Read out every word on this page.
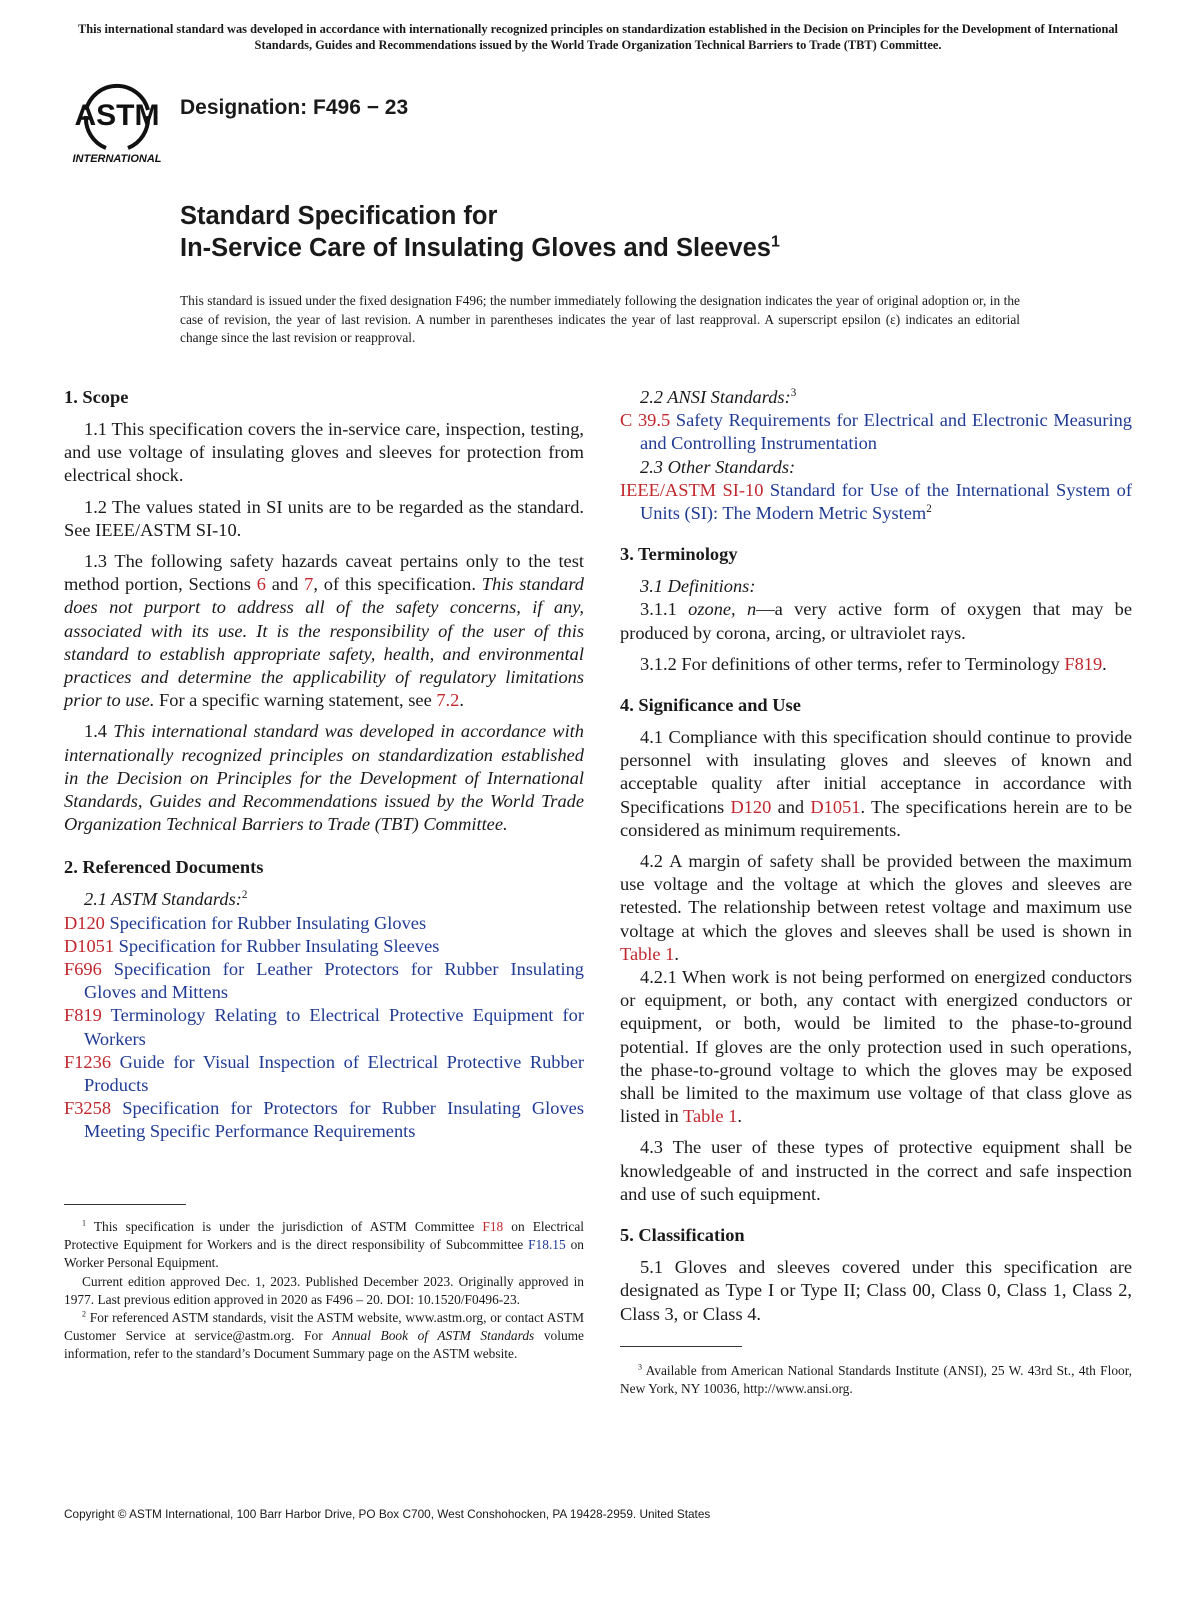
This international standard was developed in accordance with internationally recognized principles on standardization established in the Decision on Principles for the Development of International Standards, Guides and Recommendations issued by the World Trade Organization Technical Barriers to Trade (TBT) Committee.
ASTM
INTERNATIONAL
Designation: F496 − 23
Standard Specification for
In-Service Care of Insulating Gloves and Sleeves$^1$
This standard is issued under the fixed designation F496; the number immediately following the designation indicates the year of original adoption or, in the case of revision, the year of last revision. A number in parentheses indicates the year of last reapproval. A superscript epsilon (ε) indicates an editorial change since the last revision or reapproval.
1. Scope

1.1 This specification covers the in-service care, inspection, testing, and use voltage of insulating gloves and sleeves for protection from electrical shock.

1.2 The values stated in SI units are to be regarded as the standard. See IEEE/ASTM SI-10.

1.3 The following safety hazards caveat pertains only to the test method portion, Sections 6 and 7, of this specification. This standard does not purport to address all of the safety concerns, if any, associated with its use. It is the responsibility of the user of this standard to establish appropriate safety, health, and environmental practices and determine the applicability of regulatory limitations prior to use. For a specific warning statement, see 7.2.

1.4 This international standard was developed in accordance with internationally recognized principles on standardization established in the Decision on Principles for the Development of International Standards, Guides and Recommendations issued by the World Trade Organization Technical Barriers to Trade (TBT) Committee.

2. Referenced Documents
2.1 ASTM Standards:$^2$
D120 Specification for Rubber Insulating Gloves
D1051 Specification for Rubber Insulating Sleeves
F696 Specification for Leather Protectors for Rubber Insulating Gloves and Mittens
F819 Terminology Relating to Electrical Protective Equipment for Workers
F1236 Guide for Visual Inspection of Electrical Protective Rubber Products
F3258 Specification for Protectors for Rubber Insulating Gloves Meeting Specific Performance Requirements
2.2 ANSI Standards:$^3$
C 39.5 Safety Requirements for Electrical and Electronic Measuring and Controlling Instrumentation
2.3 Other Standards:
IEEE/ASTM SI-10 Standard for Use of the International System of Units (SI): The Modern Metric System$^2$
3. Terminology

3.1 Definitions:

3.1.1 ozone, n—a very active form of oxygen that may be produced by corona, arcing, or ultraviolet rays.

3.1.2 For definitions of other terms, refer to Terminology F819.

4. Significance and Use

4.1 Compliance with this specification should continue to provide personnel with insulating gloves and sleeves of known and acceptable quality after initial acceptance in accordance with Specifications D120 and D1051. The specifications herein are to be considered as minimum requirements.

4.2 A margin of safety shall be provided between the maximum use voltage and the voltage at which the gloves and sleeves are retested. The relationship between retest voltage and maximum use voltage at which the gloves and sleeves shall be used is shown in Table 1.

4.2.1 When work is not being performed on energized conductors or equipment, or both, any contact with energized conductors or equipment, or both, would be limited to the phase-to-ground potential. If gloves are the only protection used in such operations, the phase-to-ground voltage to which the gloves may be exposed shall be limited to the maximum use voltage of that class glove as listed in Table 1.

4.3 The user of these types of protective equipment shall be knowledgeable of and instructed in the correct and safe inspection and use of such equipment.

5. Classification

5.1 Gloves and sleeves covered under this specification are designated as Type I or Type II; Class 00, Class 0, Class 1, Class 2, Class 3, or Class 4.

$^1$ This specification is under the jurisdiction of ASTM Committee F18 on Electrical Protective Equipment for Workers and is the direct responsibility of Subcommittee F18.15 on Worker Personal Equipment.

Current edition approved Dec. 1, 2023. Published December 2023. Originally approved in 1977. Last previous edition approved in 2020 as F496 – 20. DOI: 10.1520/F0496-23.

$^2$ For referenced ASTM standards, visit the ASTM website, www.astm.org, or contact ASTM Customer Service at service@astm.org. For Annual Book of ASTM Standards volume information, refer to the standard’s Document Summary page on the ASTM website.

$^3$ Available from American National Standards Institute (ANSI), 25 W. 43rd St., 4th Floor, New York, NY 10036, http://www.ansi.org.

Copyright © ASTM International, 100 Barr Harbor Drive, PO Box C700, West Conshohocken, PA 19428-2959. United States
